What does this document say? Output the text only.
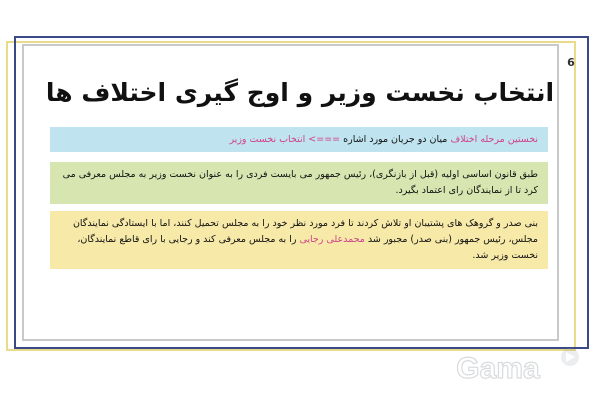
6
انتخاب نخست وزیر و اوج گیری اختلاف ها
نخستین مرحله اختلاف میان دو جریان مورد اشاره ===> انتخاب نخست وزیر
طبق قانون اساسی اولیه (قبل از بازنگری)، رئیس جمهور می بایست فردی را به عنوان نخست وزیر به مجلس معرفی می کرد تا از نمایندگان رای اعتماد بگیرد.
بنی صدر و گروهک های پشتیبان او تلاش کردند تا فرد مورد نظر خود را به مجلس تحمیل کنند، اما با ایستادگی نمایندگان مجلس، رئیس جمهور (بنی صدر) مجبور شد محمدعلی رجایی را به مجلس معرفی کند و رجایی با رای قاطع نمایندگان، نخست وزیر شد.
Gama
